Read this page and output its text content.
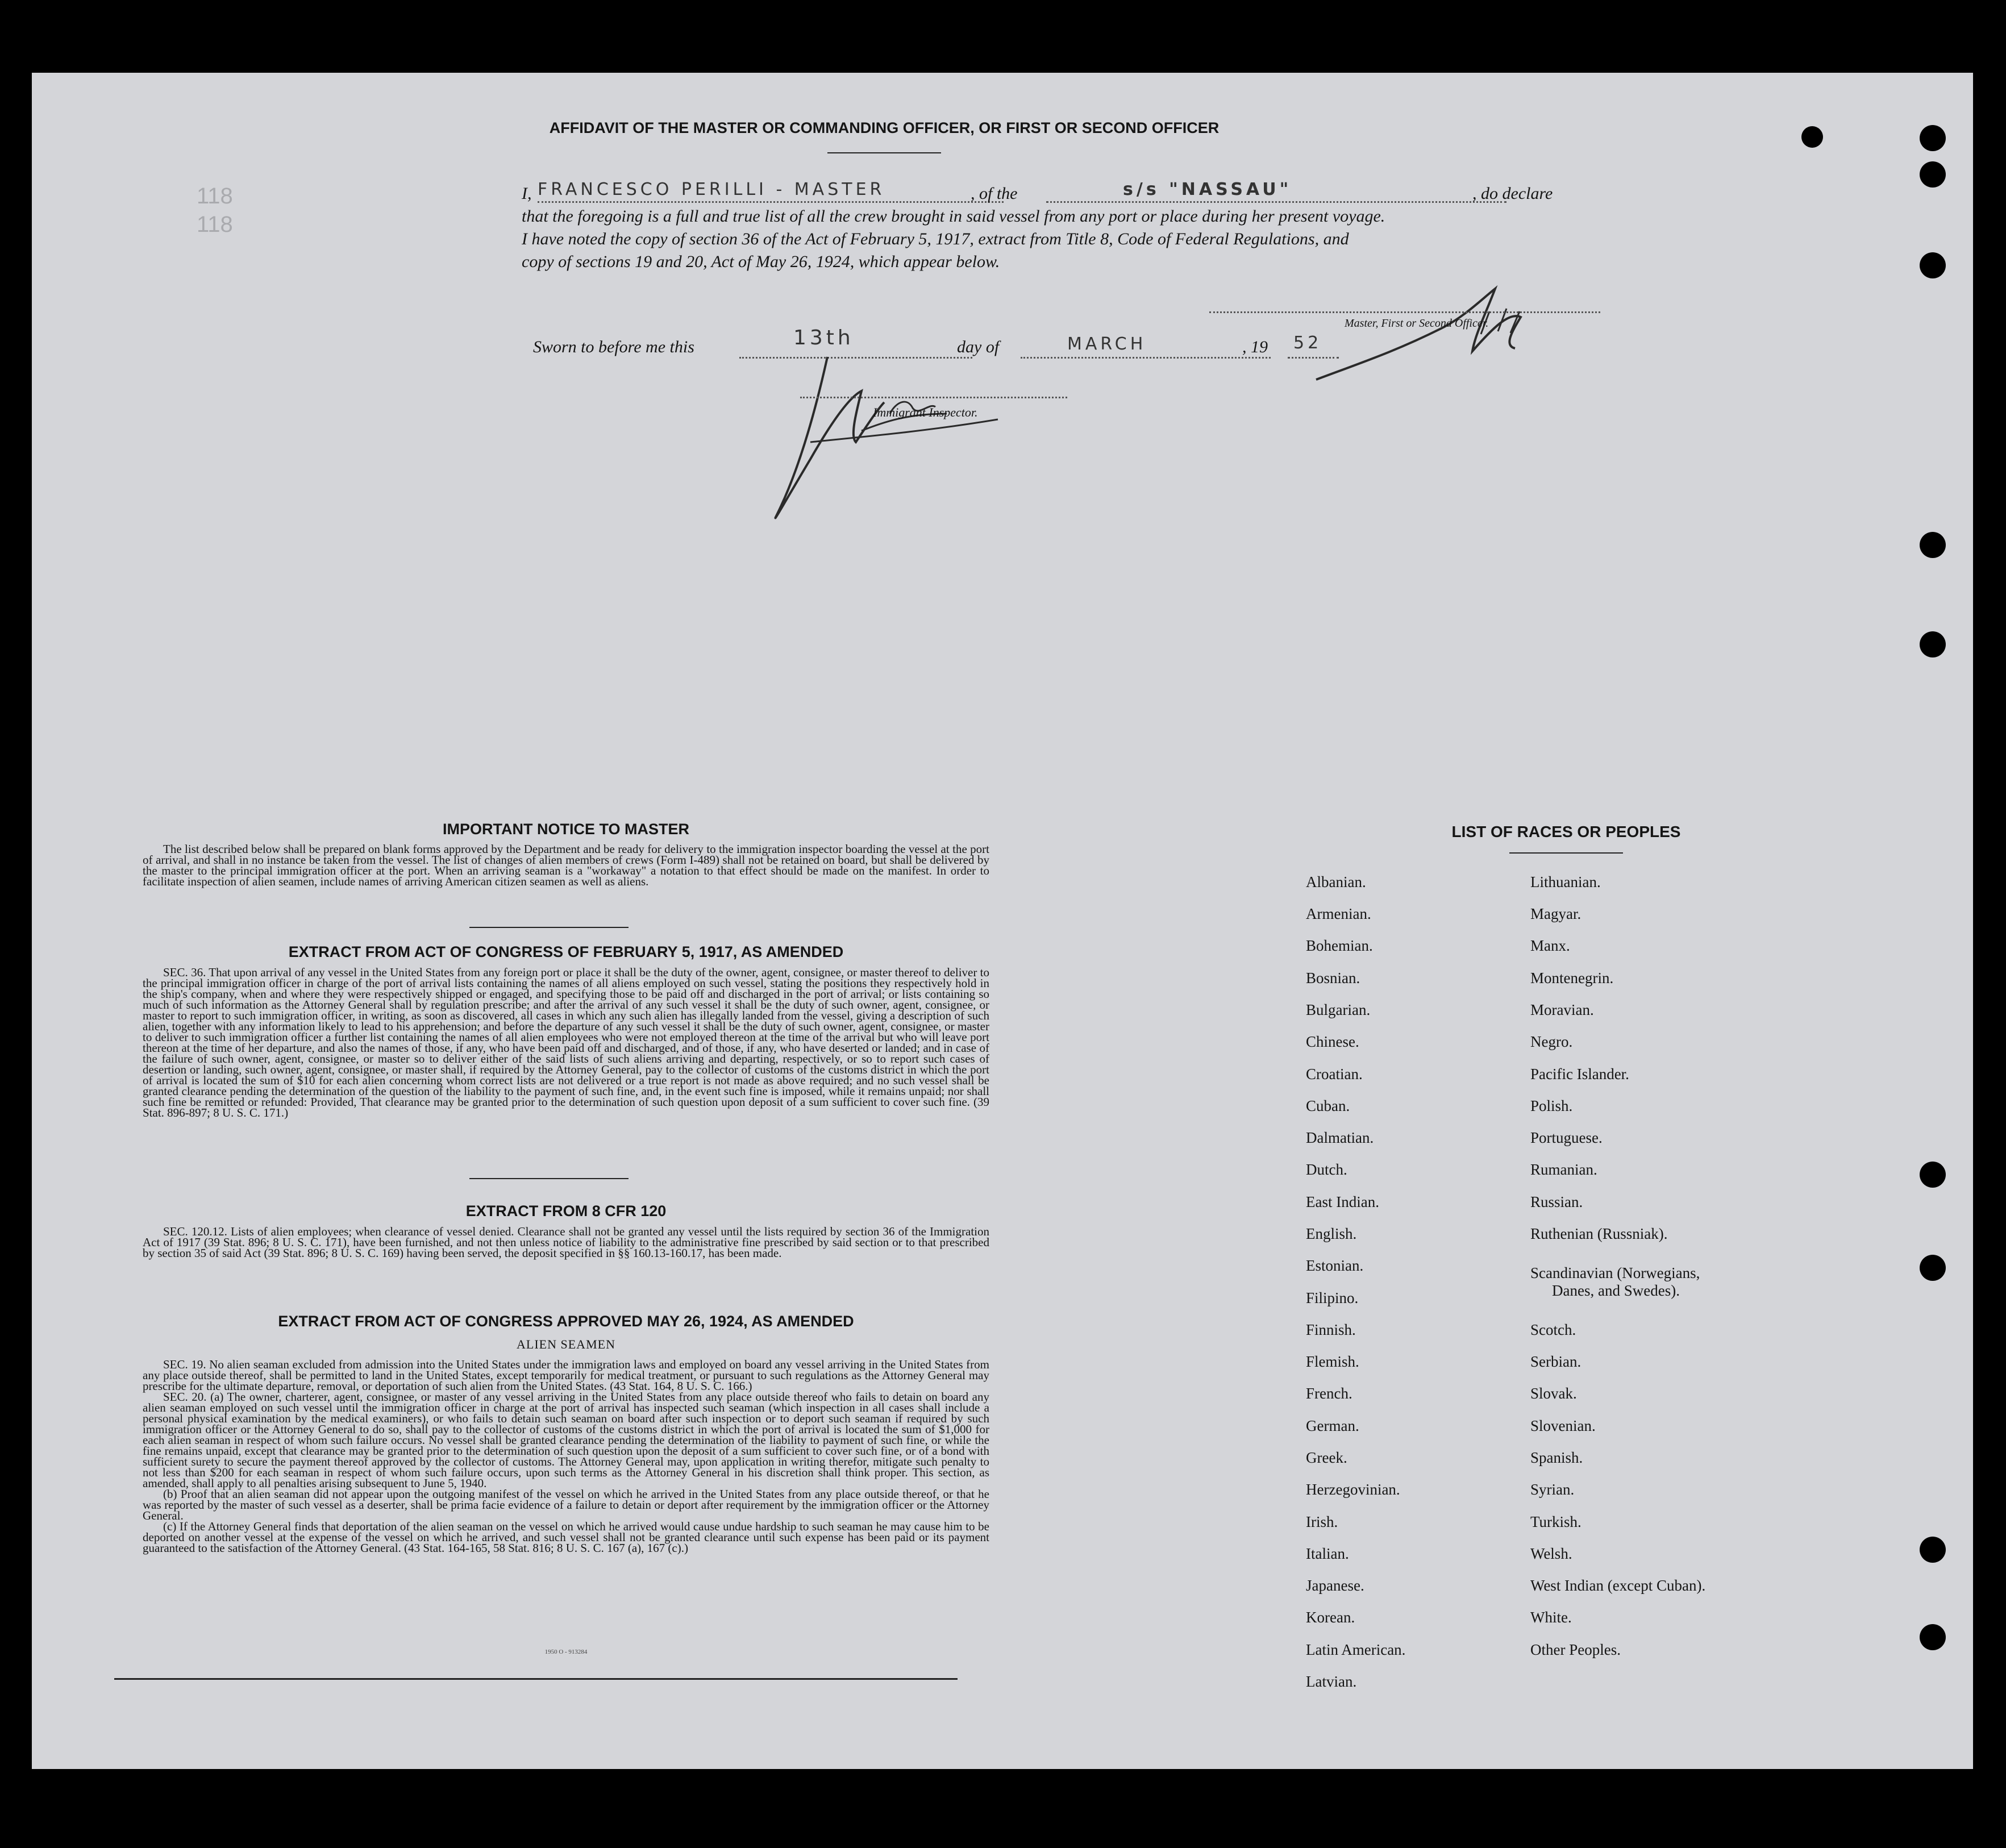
118
118
AFFIDAVIT OF THE MASTER OR COMMANDING OFFICER, OR FIRST OR SECOND OFFICER
I, FRANCESCO PERILLI - MASTER	, of the	s/s "NASSAU"	, do declare
that the foregoing is a full and true list of all the crew brought in said vessel from any port or place during her present voyage.
I have noted the copy of section 36 of the Act of February 5, 1917, extract from Title 8, Code of Federal Regulations, and
copy of sections 19 and 20, Act of May 26, 1924, which appear below.
Master, First or Second Officer.
Sworn to before me this	13th	day of	MARCH	, 19 52
Immigrant Inspector.
IMPORTANT NOTICE TO MASTER

The list described below shall be prepared on blank forms approved by the Department and be ready for delivery to the immigration inspector boarding the vessel at the port of arrival, and shall in no instance be taken from the vessel. The list of changes of alien members of crews (Form I-489) shall not be retained on board, but shall be delivered by the master to the principal immigration officer at the port. When an arriving seaman is a "workaway" a notation to that effect should be made on the manifest. In order to facilitate inspection of alien seamen, include names of arriving American citizen seamen as well as aliens.

EXTRACT FROM ACT OF CONGRESS OF FEBRUARY 5, 1917, AS AMENDED

SEC. 36. That upon arrival of any vessel in the United States from any foreign port or place it shall be the duty of the owner, agent, consignee, or master thereof to deliver to the principal immigration officer in charge of the port of arrival lists containing the names of all aliens employed on such vessel, stating the positions they respectively hold in the ship's company, when and where they were respectively shipped or engaged, and specifying those to be paid off and discharged in the port of arrival; or lists containing so much of such information as the Attorney General shall by regulation prescribe; and after the arrival of any such vessel it shall be the duty of such owner, agent, consignee, or master to report to such immigration officer, in writing, as soon as discovered, all cases in which any such alien has illegally landed from the vessel, giving a description of such alien, together with any information likely to lead to his apprehension; and before the departure of any such vessel it shall be the duty of such owner, agent, consignee, or master to deliver to such immigration officer a further list containing the names of all alien employees who were not employed thereon at the time of the arrival but who will leave port thereon at the time of her departure, and also the names of those, if any, who have been paid off and discharged, and of those, if any, who have deserted or landed; and in case of the failure of such owner, agent, consignee, or master so to deliver either of the said lists of such aliens arriving and departing, respectively, or so to report such cases of desertion or landing, such owner, agent, consignee, or master shall, if required by the Attorney General, pay to the collector of customs of the customs district in which the port of arrival is located the sum of $10 for each alien concerning whom correct lists are not delivered or a true report is not made as above required; and no such vessel shall be granted clearance pending the determination of the question of the liability to the payment of such fine, and, in the event such fine is imposed, while it remains unpaid; nor shall such fine be remitted or refunded: Provided, That clearance may be granted prior to the determination of such question upon deposit of a sum sufficient to cover such fine. (39 Stat. 896-897; 8 U. S. C. 171.)

EXTRACT FROM 8 CFR 120

SEC. 120.12. Lists of alien employees; when clearance of vessel denied. Clearance shall not be granted any vessel until the lists required by section 36 of the Immigration Act of 1917 (39 Stat. 896; 8 U. S. C. 171), have been furnished, and not then unless notice of liability to the administrative fine prescribed by said section or to that prescribed by section 35 of said Act (39 Stat. 896; 8 U. S. C. 169) having been served, the deposit specified in §§ 160.13-160.17, has been made.

EXTRACT FROM ACT OF CONGRESS APPROVED MAY 26, 1924, AS AMENDED
ALIEN SEAMEN

SEC. 19. No alien seaman excluded from admission into the United States under the immigration laws and employed on board any vessel arriving in the United States from any place outside thereof, shall be permitted to land in the United States, except temporarily for medical treatment, or pursuant to such regulations as the Attorney General may prescribe for the ultimate departure, removal, or deportation of such alien from the United States. (43 Stat. 164, 8 U. S. C. 166.)

SEC. 20. (a) The owner, charterer, agent, consignee, or master of any vessel arriving in the United States from any place outside thereof who fails to detain on board any alien seaman employed on such vessel until the immigration officer in charge at the port of arrival has inspected such seaman (which inspection in all cases shall include a personal physical examination by the medical examiners), or who fails to detain such seaman on board after such inspection or to deport such seaman if required by such immigration officer or the Attorney General to do so, shall pay to the collector of customs of the customs district in which the port of arrival is located the sum of $1,000 for each alien seaman in respect of whom such failure occurs. No vessel shall be granted clearance pending the determination of the liability to payment of such fine, or while the fine remains unpaid, except that clearance may be granted prior to the determination of such question upon the deposit of a sum sufficient to cover such fine, or of a bond with sufficient surety to secure the payment thereof approved by the collector of customs. The Attorney General may, upon application in writing therefor, mitigate such penalty to not less than $200 for each seaman in respect of whom such failure occurs, upon such terms as the Attorney General in his discretion shall think proper. This section, as amended, shall apply to all penalties arising subsequent to June 5, 1940.

(b) Proof that an alien seaman did not appear upon the outgoing manifest of the vessel on which he arrived in the United States from any place outside thereof, or that he was reported by the master of such vessel as a deserter, shall be prima facie evidence of a failure to detain or deport after requirement by the immigration officer or the Attorney General.

(c) If the Attorney General finds that deportation of the alien seaman on the vessel on which he arrived would cause undue hardship to such seaman he may cause him to be deported on another vessel at the expense of the vessel on which he arrived, and such vessel shall not be granted clearance until such expense has been paid or its payment guaranteed to the satisfaction of the Attorney General. (43 Stat. 164-165, 58 Stat. 816; 8 U. S. C. 167 (a), 167 (c).)

1950 O - 913284
LIST OF RACES OR PEOPLES
Albanian.
Armenian.
Bohemian.
Bosnian.
Bulgarian.
Chinese.
Croatian.
Cuban.
Dalmatian.
Dutch.
East Indian.
English.
Estonian.
Filipino.
Finnish.
Flemish.
French.
German.
Greek.
Herzegovinian.
Irish.
Italian.
Japanese.
Korean.
Latin American.
Latvian.
Lithuanian.
Magyar.
Manx.
Montenegrin.
Moravian.
Negro.
Pacific Islander.
Polish.
Portuguese.
Rumanian.
Russian.
Ruthenian (Russniak).
Scandinavian (Norwegians,
Danes, and Swedes).
Scotch.
Serbian.
Slovak.
Slovenian.
Spanish.
Syrian.
Turkish.
Welsh.
West Indian (except Cuban).
White.
Other Peoples.
